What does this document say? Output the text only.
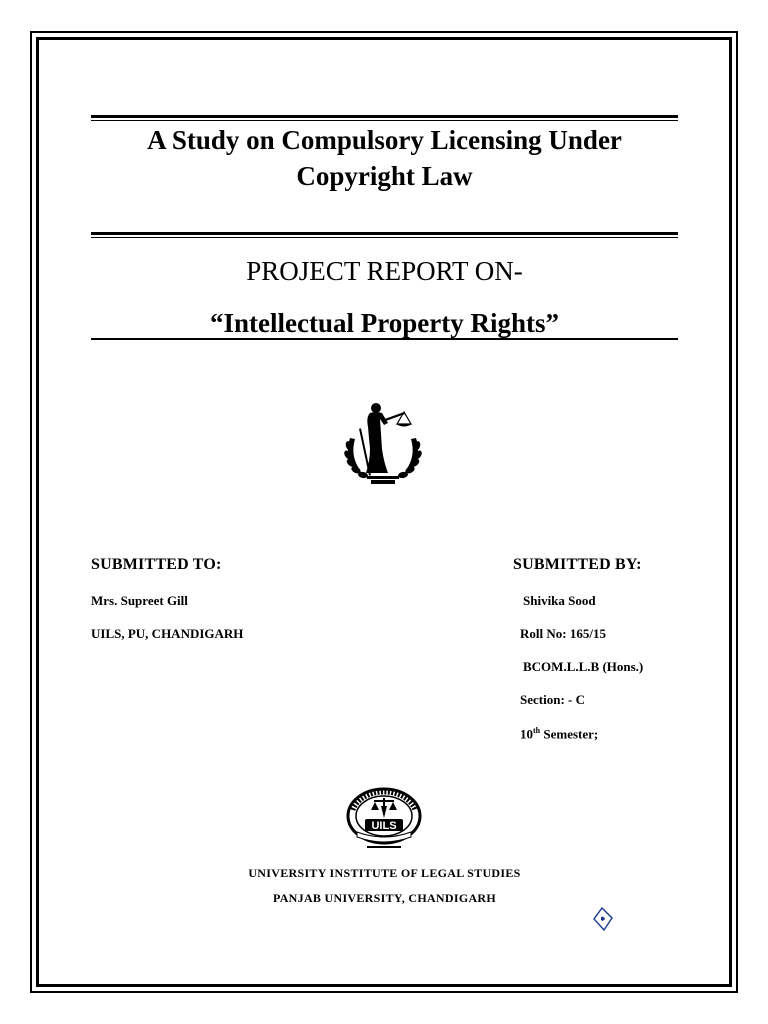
A Study on Compulsory Licensing Under Copyright Law
PROJECT REPORT ON-
“Intellectual Property Rights”
SUBMITTED TO:
Mrs. Supreet Gill
UILS, PU, CHANDIGARH
SUBMITTED BY:
Shivika Sood
Roll No: 165/15
BCOM.L.L.B (Hons.)
Section: - C
10th Semester;
UILS
UNIVERSITY INSTITUTE OF LEGAL STUDIES
PANJAB UNIVERSITY, CHANDIGARH
